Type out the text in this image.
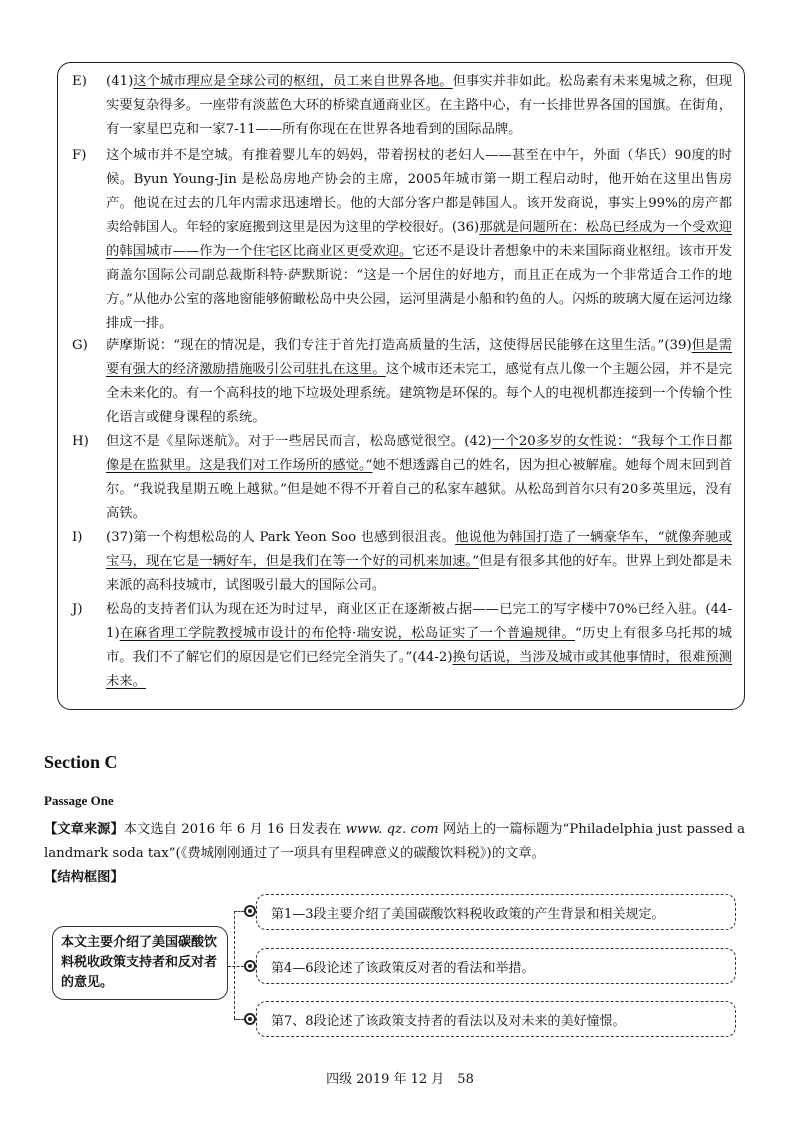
E)	(41)这个城市理应是全球公司的枢纽，员工来自世界各地。但事实并非如此。松岛素有未来鬼城之称，但现实要复杂得多。一座带有淡蓝色大环的桥梁直通商业区。在主路中心，有一长排世界各国的国旗。在街角，有一家星巴克和一家7-11——所有你现在在世界各地看到的国际品牌。
F)	这个城市并不是空城。有推着婴儿车的妈妈，带着拐杖的老妇人——甚至在中午，外面（华氏）90度的时候。Byun Young-Jin 是松岛房地产协会的主席，2005年城市第一期工程启动时，他开始在这里出售房产。他说在过去的几年内需求迅速增长。他的大部分客户都是韩国人。该开发商说，事实上99%的房产都卖给韩国人。年轻的家庭搬到这里是因为这里的学校很好。(36)那就是问题所在：松岛已经成为一个受欢迎的韩国城市——作为一个住宅区比商业区更受欢迎。它还不是设计者想象中的未来国际商业枢纽。该市开发商盖尔国际公司副总裁斯科特·萨默斯说：“这是一个居住的好地方，而且正在成为一个非常适合工作的地方。”从他办公室的落地窗能够俯瞰松岛中央公园，运河里满是小船和钓鱼的人。闪烁的玻璃大厦在运河边缘排成一排。
G)	萨摩斯说：“现在的情况是，我们专注于首先打造高质量的生活，这使得居民能够在这里生活。”(39)但是需要有强大的经济激励措施吸引公司驻扎在这里。这个城市还未完工，感觉有点儿像一个主题公园，并不是完全未来化的。有一个高科技的地下垃圾处理系统。建筑物是环保的。每个人的电视机都连接到一个传输个性化语言或健身课程的系统。
H)	但这不是《星际迷航》。对于一些居民而言，松岛感觉很空。(42)一个20多岁的女性说：“我每个工作日都像是在监狱里。这是我们对工作场所的感觉。”她不想透露自己的姓名，因为担心被解雇。她每个周末回到首尔。“我说我星期五晚上越狱。”但是她不得不开着自己的私家车越狱。从松岛到首尔只有20多英里远，没有高铁。
I)	(37)第一个构想松岛的人 Park Yeon Soo 也感到很沮丧。他说他为韩国打造了一辆豪华车，“就像奔驰或宝马，现在它是一辆好车，但是我们在等一个好的司机来加速。”但是有很多其他的好车。世界上到处都是未来派的高科技城市，试图吸引最大的国际公司。
J)	松岛的支持者们认为现在还为时过早，商业区正在逐渐被占据——已完工的写字楼中70%已经入驻。(44-1)在麻省理工学院教授城市设计的布伦特·瑞安说，松岛证实了一个普遍规律。“历史上有很多乌托邦的城市。我们不了解它们的原因是它们已经完全消失了。”(44-2)换句话说，当涉及城市或其他事情时，很难预测未来。
Section C
Passage One
【文章来源】本文选自 2016 年 6 月 16 日发表在 www. qz. com 网站上的一篇标题为“Philadelphia just passed a landmark soda tax”(《费城刚刚通过了一项具有里程碑意义的碳酸饮料税》)的文章。
【结构框图】
本文主要介绍了美国碳酸饮料税收政策支持者和反对者的意见。
第1—3段主要介绍了美国碳酸饮料税收政策的产生背景和相关规定。
第4—6段论述了该政策反对者的看法和举措。
第7、8段论述了该政策支持者的看法以及对未来的美好憧憬。
四级 2019 年 12 月　58
